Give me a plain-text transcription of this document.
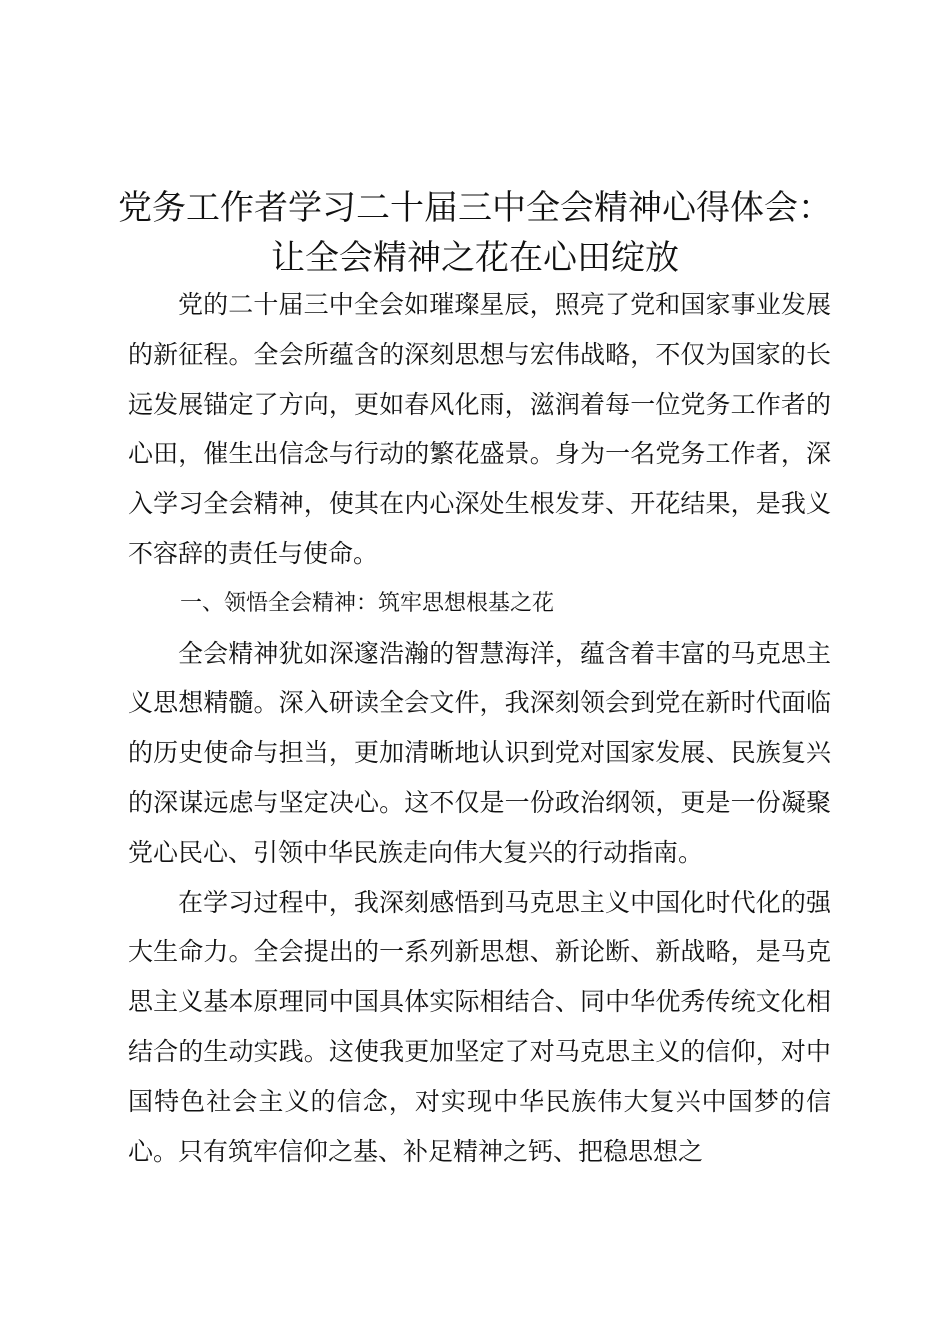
党务工作者学习二十届三中全会精神心得体会：
让全会精神之花在心田绽放

党的二十届三中全会如璀璨星辰，照亮了党和国家事业发展的新征程。全会所蕴含的深刻思想与宏伟战略，不仅为国家的长远发展锚定了方向，更如春风化雨，滋润着每一位党务工作者的心田，催生出信念与行动的繁花盛景。身为一名党务工作者，深入学习全会精神，使其在内心深处生根发芽、开花结果，是我义不容辞的责任与使命。

一、领悟全会精神：筑牢思想根基之花

全会精神犹如深邃浩瀚的智慧海洋，蕴含着丰富的马克思主义思想精髓。深入研读全会文件，我深刻领会到党在新时代面临的历史使命与担当，更加清晰地认识到党对国家发展、民族复兴的深谋远虑与坚定决心。这不仅是一份政治纲领，更是一份凝聚党心民心、引领中华民族走向伟大复兴的行动指南。

在学习过程中，我深刻感悟到马克思主义中国化时代化的强大生命力。全会提出的一系列新思想、新论断、新战略，是马克思主义基本原理同中国具体实际相结合、同中华优秀传统文化相结合的生动实践。这使我更加坚定了对马克思主义的信仰，对中国特色社会主义的信念，对实现中华民族伟大复兴中国梦的信心。只有筑牢信仰之基、补足精神之钙、把稳思想之
